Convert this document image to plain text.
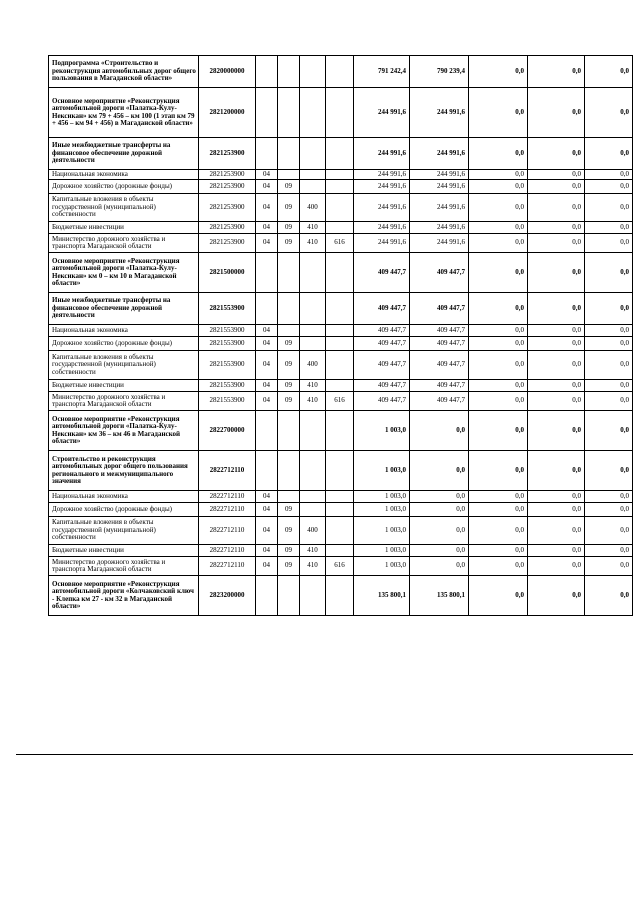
Подпрограмма «Строительство и реконструкция автомобильных дорог общего пользования в Магаданской области»	2820000000					791 242,4	790 239,4	0,0	0,0	0,0
Основное мероприятие «Реконструкция автомобильной дороги «Палатка-Кулу-Нексикан» км 79 + 456 – км 100 (1 этап км 79 + 456 – км 94 + 456) в Магаданской области»	2821200000					244 991,6	244 991,6	0,0	0,0	0,0
Иные межбюджетные трансферты на финансовое обеспечение дорожной деятельности	2821253900					244 991,6	244 991,6	0,0	0,0	0,0
Национальная экономика	2821253900	04				244 991,6	244 991,6	0,0	0,0	0,0
Дорожное хозяйство (дорожные фонды)	2821253900	04	09			244 991,6	244 991,6	0,0	0,0	0,0
Капитальные вложения в объекты государственной (муниципальной) собственности	2821253900	04	09	400		244 991,6	244 991,6	0,0	0,0	0,0
Бюджетные инвестиции	2821253900	04	09	410		244 991,6	244 991,6	0,0	0,0	0,0
Министерство дорожного хозяйства и транспорта Магаданской области	2821253900	04	09	410	616	244 991,6	244 991,6	0,0	0,0	0,0
Основное мероприятие «Реконструкция автомобильной дороги «Палатка-Кулу-Нексикан» км 0 – км 10 в Магаданской области»	2821500000					409 447,7	409 447,7	0,0	0,0	0,0
Иные межбюджетные трансферты на финансовое обеспечение дорожной деятельности	2821553900					409 447,7	409 447,7	0,0	0,0	0,0
Национальная экономика	2821553900	04				409 447,7	409 447,7	0,0	0,0	0,0
Дорожное хозяйство (дорожные фонды)	2821553900	04	09			409 447,7	409 447,7	0,0	0,0	0,0
Капитальные вложения в объекты государственной (муниципальной) собственности	2821553900	04	09	400		409 447,7	409 447,7	0,0	0,0	0,0
Бюджетные инвестиции	2821553900	04	09	410		409 447,7	409 447,7	0,0	0,0	0,0
Министерство дорожного хозяйства и транспорта Магаданской области	2821553900	04	09	410	616	409 447,7	409 447,7	0,0	0,0	0,0
Основное мероприятие «Реконструкция автомобильной дороги «Палатка-Кулу-Нексикан» км 36 – км 46 в Магаданской области»	2822700000					1 003,0	0,0	0,0	0,0	0,0
Строительство и реконструкция автомобильных дорог общего пользования регионального и межмуниципального значения	2822712110					1 003,0	0,0	0,0	0,0	0,0
Национальная экономика	2822712110	04				1 003,0	0,0	0,0	0,0	0,0
Дорожное хозяйство (дорожные фонды)	2822712110	04	09			1 003,0	0,0	0,0	0,0	0,0
Капитальные вложения в объекты государственной (муниципальной) собственности	2822712110	04	09	400		1 003,0	0,0	0,0	0,0	0,0
Бюджетные инвестиции	2822712110	04	09	410		1 003,0	0,0	0,0	0,0	0,0
Министерство дорожного хозяйства и транспорта Магаданской области	2822712110	04	09	410	616	1 003,0	0,0	0,0	0,0	0,0
Основное мероприятие «Реконструкция автомобильной дороги «Колчаковский ключ - Клепка км 27 - км 32 в Магаданской области»	2823200000					135 800,1	135 800,1	0,0	0,0	0,0
